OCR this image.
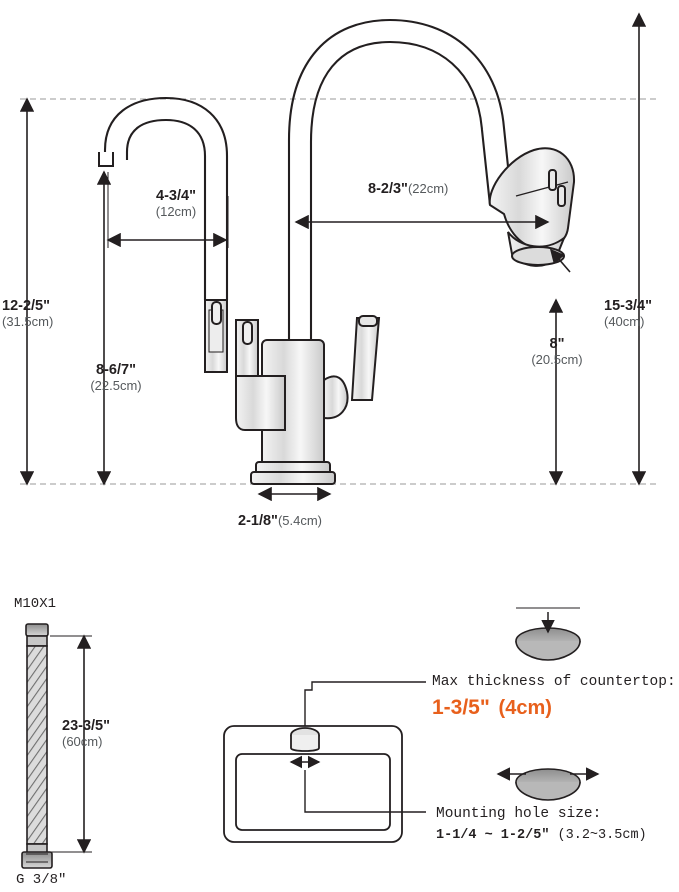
4-3/4"
(12cm)
8-2/3"(22cm)
12-2/5"
(31.5cm)
8-6/7"
(22.5cm)
15-3/4"
(40cm)
8"
(20.5cm)
2-1/8"(5.4cm)
M10X1
G 3/8"
23-3/5"
(60cm)
Max thickness of countertop:
1-3/5" (4cm)
Mounting hole size:
1-1/4 ~ 1-2/5" (3.2~3.5cm)
